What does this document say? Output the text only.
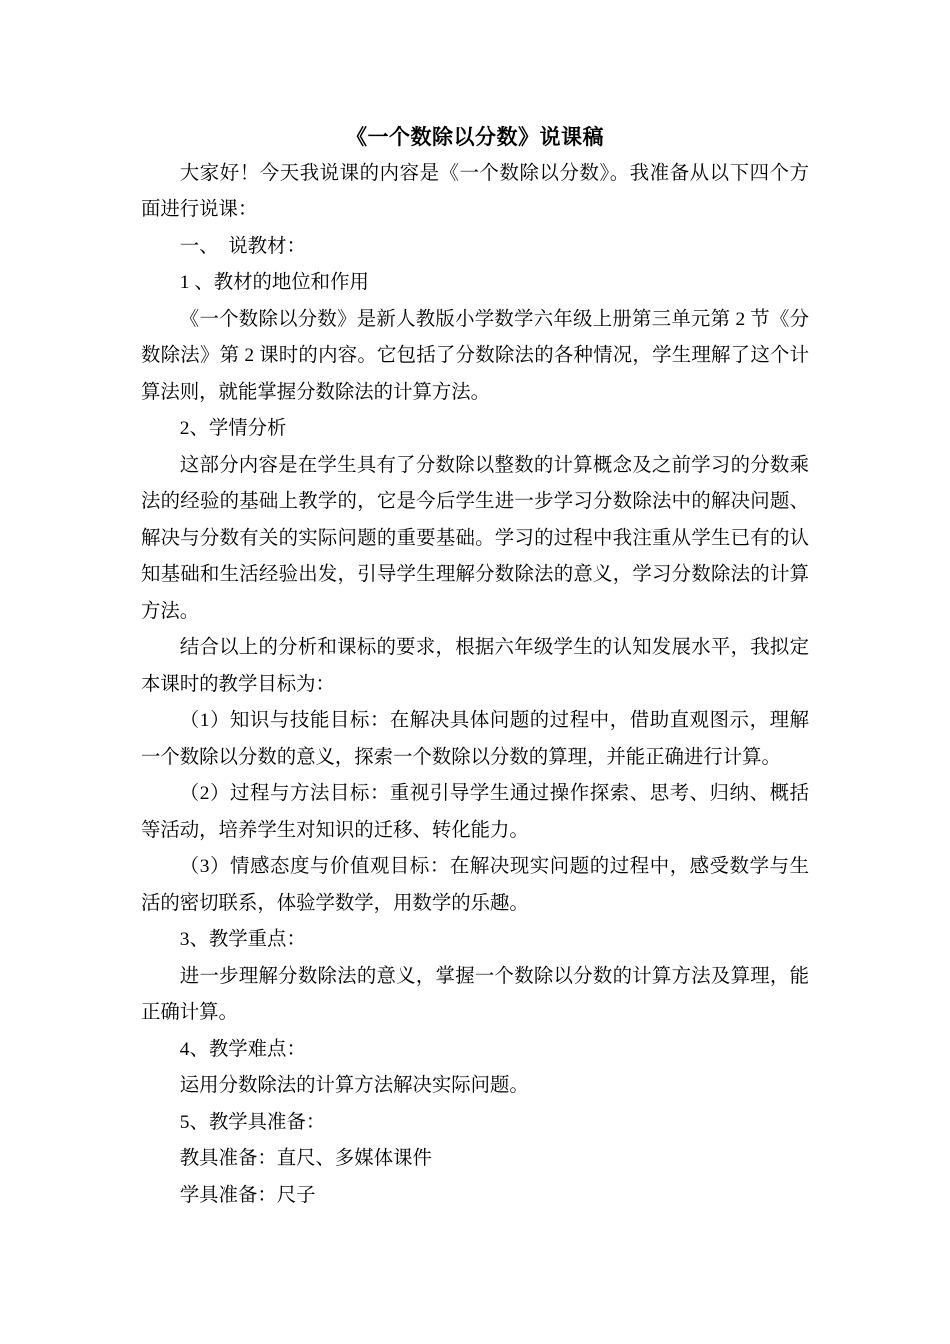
《一个数除以分数》说课稿

大家好！今天我说课的内容是《一个数除以分数》。我准备从以下四个方面进行说课：

一、　说教材：

1 、教材的地位和作用

《一个数除以分数》是新人教版小学数学六年级上册第三单元第 2 节《分数除法》第 2 课时的内容。它包括了分数除法的各种情况，学生理解了这个计算法则，就能掌握分数除法的计算方法。

2、学情分析

这部分内容是在学生具有了分数除以整数的计算概念及之前学习的分数乘法的经验的基础上教学的，它是今后学生进一步学习分数除法中的解决问题、解决与分数有关的实际问题的重要基础。学习的过程中我注重从学生已有的认知基础和生活经验出发，引导学生理解分数除法的意义，学习分数除法的计算方法。

结合以上的分析和课标的要求，根据六年级学生的认知发展水平，我拟定本课时的教学目标为：

（1）知识与技能目标：在解决具体问题的过程中，借助直观图示，理解一个数除以分数的意义，探索一个数除以分数的算理，并能正确进行计算。

（2）过程与方法目标：重视引导学生通过操作探索、思考、归纳、概括等活动，培养学生对知识的迁移、转化能力。

（3）情感态度与价值观目标：在解决现实问题的过程中，感受数学与生活的密切联系，体验学数学，用数学的乐趣。

3、教学重点：

进一步理解分数除法的意义，掌握一个数除以分数的计算方法及算理，能正确计算。

4、教学难点：

运用分数除法的计算方法解决实际问题。

5、教学具准备：

教具准备：直尺、多媒体课件

学具准备：尺子
